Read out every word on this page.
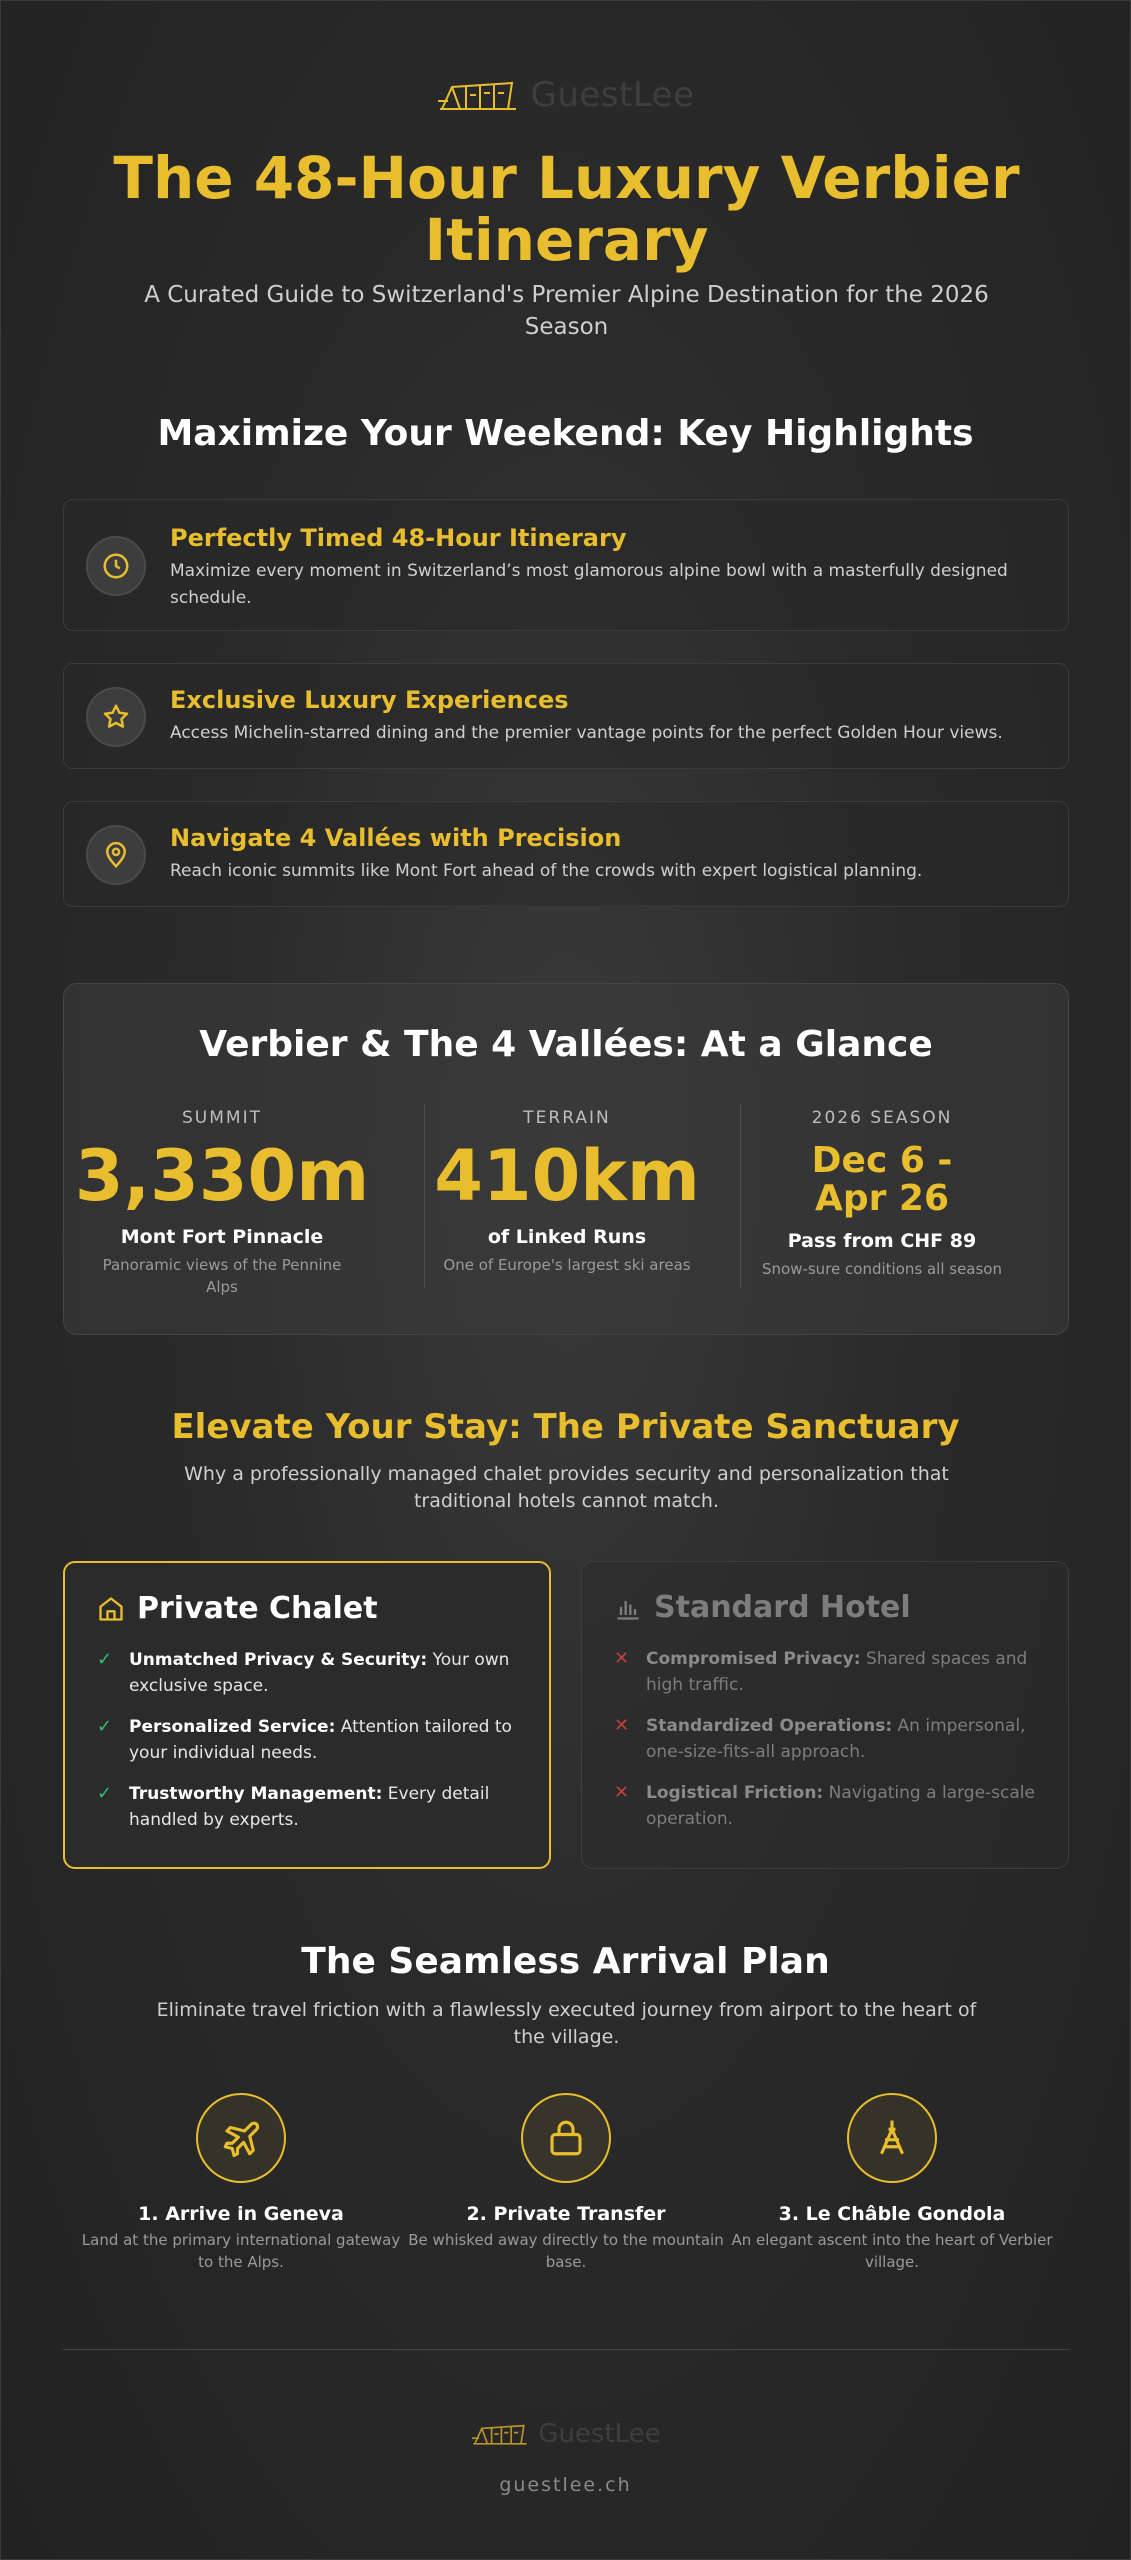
GuestLee
The 48-Hour Luxury Verbier Itinerary

A Curated Guide to Switzerland's Premier Alpine Destination for the 2026 Season

Maximize Your Weekend: Key Highlights
Perfectly Timed 48-Hour Itinerary
Maximize every moment in Switzerland’s most glamorous alpine bowl with a masterfully designed schedule.
Exclusive Luxury Experiences
Access Michelin-starred dining and the premier vantage points for the perfect Golden Hour views.
Navigate 4 Vallées with Precision
Reach iconic summits like Mont Fort ahead of the crowds with expert logistical planning.
Verbier & The 4 Vallées: At a Glance
SUMMIT
3,330m
Mont Fort Pinnacle
Panoramic views of the Pennine Alps
TERRAIN
410km
of Linked Runs
One of Europe's largest ski areas
2026 SEASON
Dec 6 - Apr 26
Pass from CHF 89
Snow-sure conditions all season
Elevate Your Stay: The Private Sanctuary

Why a professionally managed chalet provides security and personalization that traditional hotels cannot match.

Private Chalet
✓ Unmatched Privacy & Security: Your own exclusive space.
✓ Personalized Service: Attention tailored to your individual needs.
✓ Trustworthy Management: Every detail handled by experts.
Standard Hotel
✕ Compromised Privacy: Shared spaces and high traffic.
✕ Standardized Operations: An impersonal, one-size-fits-all approach.
✕ Logistical Friction: Navigating a large-scale operation.
The Seamless Arrival Plan

Eliminate travel friction with a flawlessly executed journey from airport to the heart of the village.

1. Arrive in Geneva
Land at the primary international gateway to the Alps.
2. Private Transfer
Be whisked away directly to the mountain base.
3. Le Châble Gondola
An elegant ascent into the heart of Verbier village.
GuestLee
guestlee.ch
